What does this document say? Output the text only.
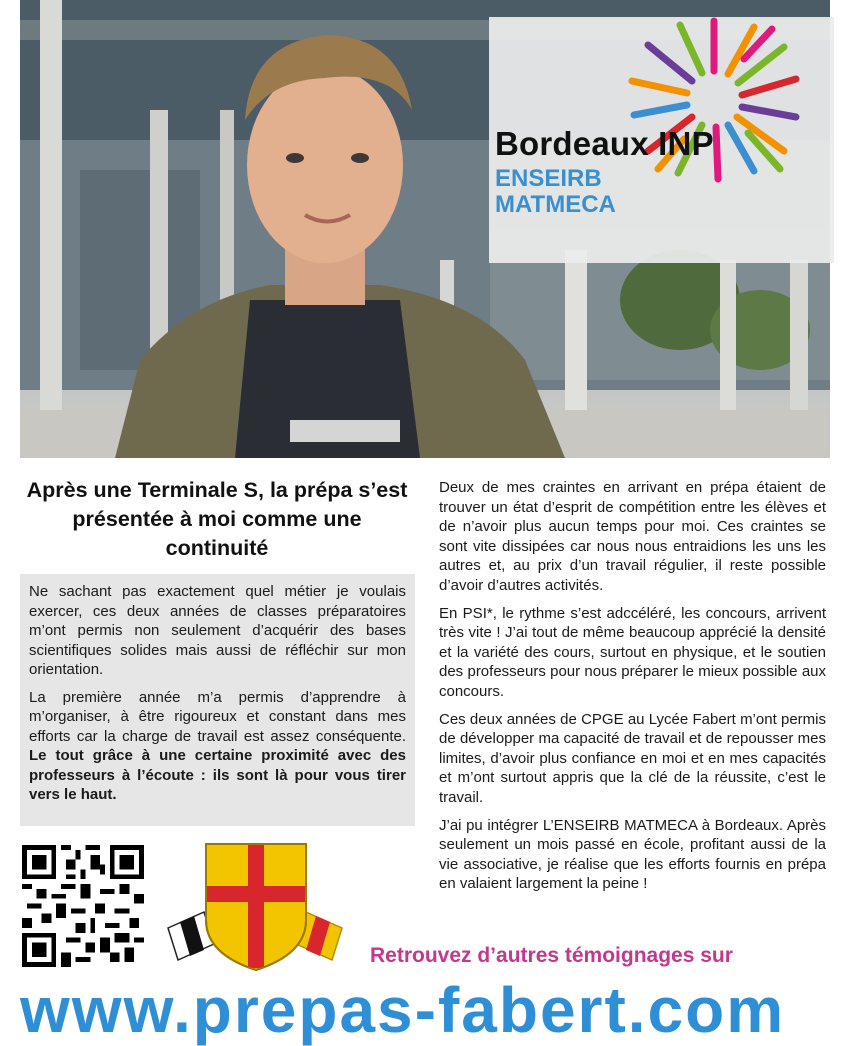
Bordeaux INP
ENSEIRB
MATMECA
Après une Terminale S, la prépa s’est présentée à moi comme une continuité

Ne sachant pas exactement quel métier je voulais exercer, ces deux années de classes préparatoires m’ont permis non seulement d’acquérir des bases scientifiques solides mais aussi de réfléchir sur mon orientation.

La première année m’a permis d’apprendre à m’organiser, à être rigoureux et constant dans mes efforts car la charge de travail est assez conséquente. Le tout grâce à une certaine proximité avec des professeurs à l’écoute : ils sont là pour vous tirer vers le haut.

Deux de mes craintes en arrivant en prépa étaient de trouver un état d’esprit de compétition entre les élèves et de n’avoir plus aucun temps pour moi. Ces craintes se sont vite dissipées car nous nous entraidions les uns les autres et, au prix d’un travail régulier, il reste possible d’avoir d’autres activités.

En PSI*, le rythme s’est adccéléré, les concours, arrivent très vite ! J’ai tout de même beaucoup apprécié la densité et la variété des cours, surtout en physique, et le soutien des professeurs pour nous préparer le mieux possible aux concours.

Ces deux années de CPGE au Lycée Fabert m’ont permis de développer ma capacité de travail et de repousser mes limites, d’avoir plus confiance en moi et en mes capacités et m’ont surtout appris que la clé de la réussite, c’est le travail.

J’ai pu intégrer L’ENSEIRB MATMECA à Bordeaux. Après seulement un mois passé en école, profitant aussi de la vie associative, je réalise que les efforts fournis en prépa en valaient largement la peine !

Retrouvez d’autres témoignages sur
www.prepas-fabert.com
